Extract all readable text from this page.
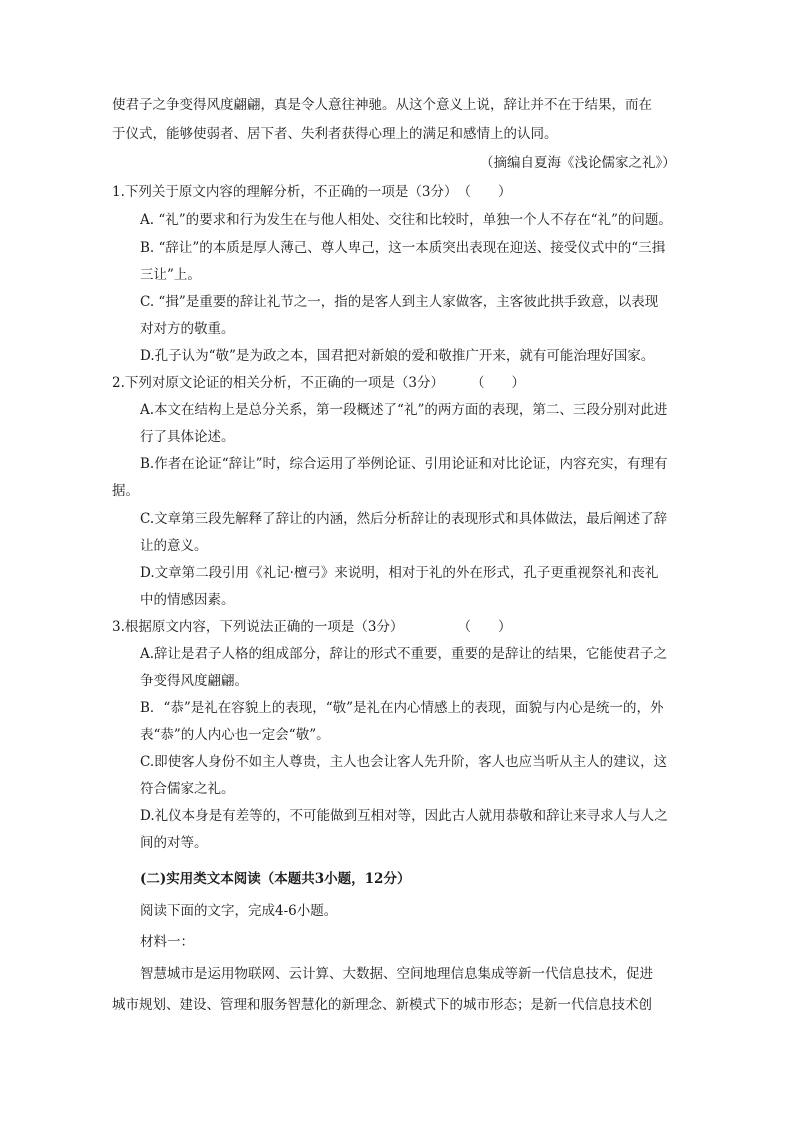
使君子之争变得风度翩翩，真是令人意往神驰。从这个意义上说，辞让并不在于结果，而在
于仪式，能够使弱者、居下者、失利者获得心理上的满足和感情上的认同。
（摘编自夏海《浅论儒家之礼》）
1.下列关于原文内容的理解分析，不正确的一项是（3分）　（　　）
A. “礼”的要求和行为发生在与他人相处、交往和比较时，单独一个人不存在“礼”的问题。
B. “辞让”的本质是厚人薄己、尊人卑己，这一本质突出表现在迎送、接受仪式中的“三揖
三让”上。
C. “揖”是重要的辞让礼节之一，指的是客人到主人家做客，主客彼此拱手致意，以表现
对对方的敬重。
D.孔子认为“敬”是为政之本，国君把对新娘的爱和敬推广开来，就有可能治理好国家。
2.下列对原文论证的相关分析，不正确的一项是（3分）　　　（　　）
A.本文在结构上是总分关系，第一段概述了“礼”的两方面的表现，第二、三段分别对此进
行了具体论述。
B.作者在论证“辞让”时，综合运用了举例论证、引用论证和对比论证，内容充实，有理有
据。
C.文章第三段先解释了辞让的内涵，然后分析辞让的表现形式和具体做法，最后阐述了辞
让的意义。
D.文章第二段引用《礼记·檀弓》来说明，相对于礼的外在形式，孔子更重视祭礼和丧礼
中的情感因素。
3.根据原文内容，下列说法正确的一项是（3分）　　　　　（　　）
A.辞让是君子人格的组成部分，辞让的形式不重要，重要的是辞让的结果，它能使君子之
争变得风度翩翩。
B．“恭”是礼在容貌上的表现，“敬”是礼在内心情感上的表现，面貌与内心是统一的，外
表“恭”的人内心也一定会“敬”。
C.即使客人身份不如主人尊贵，主人也会让客人先升阶，客人也应当听从主人的建议，这
符合儒家之礼。
D.礼仪本身是有差等的，不可能做到互相对等，因此古人就用恭敬和辞让来寻求人与人之
间的对等。
(二)实用类文本阅读（本题共3小题，12分）
阅读下面的文字，完成4-6小题。
材料一：
智慧城市是运用物联网、云计算、大数据、空间地理信息集成等新一代信息技术，促进
城市规划、建设、管理和服务智慧化的新理念、新模式下的城市形态；是新一代信息技术创
